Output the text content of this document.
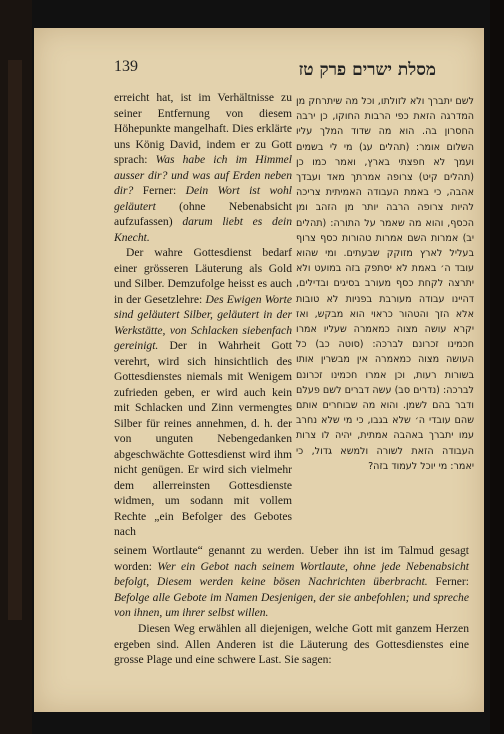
139	מסלת ישרים פרק טז

erreicht hat, ist im Verhältnisse zu seiner Entfernung von diesem Höhepunkte mangelhaft. Dies erklärte uns König David, indem er zu Gott sprach: Was habe ich im Himmel ausser dir? und was auf Erden neben dir? Ferner: Dein Wort ist wohl geläutert (ohne Nebenabsicht aufzufassen) darum liebt es dein Knecht.

Der wahre Gottesdienst bedarf einer grösseren Läuterung als Gold und Silber. Demzufolge heisst es auch in der Gesetzlehre: Des Ewigen Worte sind geläutert Silber, geläutert in der Werkstätte, von Schlacken siebenfach gereinigt. Der in Wahrheit Gott verehrt, wird sich hinsichtlich des Gottesdienstes niemals mit Wenigem zufrieden geben, er wird auch kein mit Schlacken und Zinn vermengtes Silber für reines annehmen, d. h. der von unguten Nebengedanken abgeschwächte Gottesdienst wird ihm nicht genügen. Er wird sich vielmehr dem allerreinsten Gottesdienste widmen, um sodann mit vollem Rechte „ein Befolger des Gebotes nach

לשם יתברך ולא לזולתו, וכל מה שיתרחק מן המדרגה הזאת כפי הרבות החוקו, כן ירבה החסרון בה. הוא מה שדוד המלך עליו השלום אומר: (תהלים עג) מי לי בשמים ועמך לא חפצתי בארץ, ואמר כמו כן (תהלים קיט) צרופה אמרתך מאד ועבדך אהבה, כי באמת העבודה האמיתית צריכה להיות צרופה הרבה יותר מן הזהב ומן הכסף, והוא מה שאמר על התורה: (תהלים יב) אמרות השם אמרות טהורות כסף צרוף בעליל לארץ מזוקק שבעתים. ומי שהוא עובד ה׳ באמת לא יסתפק בזה במועט ולא יתרצה לקחת כסף מעורב בסיגים ובדילים, דהיינו עבודה מעורבת בפניות לא טובות אלא הזך והטהור כראוי הוא מבקש, ואז יקרא עושה מצוה כמאמרה שעליו אמרו חכמינו זכרונם לברכה: (סוטה כב) כל העושה מצוה כמאמרה אין מבשרין אותו בשורות רעות, וכן אמרו חכמינו זכרונם לברכה: (נדרים סב) עשה דברים לשם פעלם ודבר בהם לשמן. והוא מה שבוחרים אותם שהם עובדי ה׳ שלא בגבו, כי מי שלא נחרב עמו יתברך באהבה אמתית, יהיה לו צרות העבודה הזאת לשורה ולמשא גדול, כי יאמר: מי יוכל לעמוד בזה?

seinem Wortlaute“ genannt zu werden. Ueber ihn ist im Talmud gesagt worden: Wer ein Gebot nach seinem Wortlaute, ohne jede Nebenabsicht befolgt, Diesem werden keine bösen Nachrichten überbracht. Ferner: Befolge alle Gebote im Namen Desjenigen, der sie anbefohlen; und spreche von ihnen, um ihrer selbst willen.

Diesen Weg erwählen all diejenigen, welche Gott mit ganzem Herzen ergeben sind. Allen Anderen ist die Läuterung des Gottesdienstes eine grosse Plage und eine schwere Last. Sie sagen:
